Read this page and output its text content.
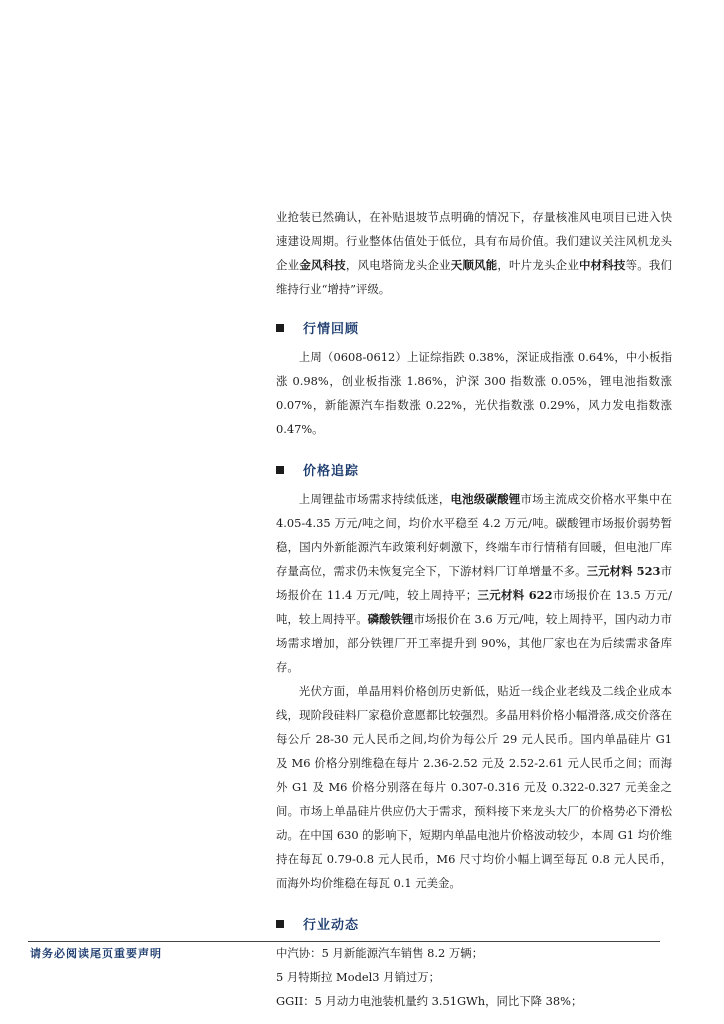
业抢装已然确认，在补贴退坡节点明确的情况下，存量核准风电项目已进入快速建设周期。行业整体估值处于低位，具有布局价值。我们建议关注风机龙头企业金风科技，风电塔筒龙头企业天顺风能，叶片龙头企业中材科技等。我们维持行业“增持”评级。

行情回顾

上周（0608-0612）上证综指跌 0.38%，深证成指涨 0.64%，中小板指涨 0.98%，创业板指涨 1.86%，沪深 300 指数涨 0.05%，锂电池指数涨 0.07%，新能源汽车指数涨 0.22%，光伏指数涨 0.29%，风力发电指数涨 0.47%。

价格追踪

上周锂盐市场需求持续低迷，电池级碳酸锂市场主流成交价格水平集中在 4.05-4.35 万元/吨之间，均价水平稳至 4.2 万元/吨。碳酸锂市场报价弱势暂稳，国内外新能源汽车政策利好刺激下，终端车市行情稍有回暖，但电池厂库存量高位，需求仍未恢复完全下，下游材料厂订单增量不多。三元材料 523市场报价在 11.4 万元/吨，较上周持平；三元材料 622市场报价在 13.5 万元/吨，较上周持平。磷酸铁锂市场报价在 3.6 万元/吨，较上周持平，国内动力市场需求增加，部分铁锂厂开工率提升到 90%，其他厂家也在为后续需求备库存。

光伏方面，单晶用料价格创历史新低，贴近一线企业老线及二线企业成本线，现阶段硅料厂家稳价意愿都比较强烈。多晶用料价格小幅滑落,成交价落在每公斤 28-30 元人民币之间,均价为每公斤 29 元人民币。国内单晶硅片 G1 及 M6 价格分别维稳在每片 2.36-2.52 元及 2.52-2.61 元人民币之间；而海外 G1 及 M6 价格分别落在每片 0.307-0.316 元及 0.322-0.327 元美金之间。市场上单晶硅片供应仍大于需求，预料接下来龙头大厂的价格势必下滑松动。在中国 630 的影响下，短期内单晶电池片价格波动较少，本周 G1 均价维持在每瓦 0.79-0.8 元人民币，M6 尺寸均价小幅上调至每瓦 0.8 元人民币，而海外均价维稳在每瓦 0.1 元美金。

行业动态

中汽协：5 月新能源汽车销售 8.2 万辆；

5 月特斯拉 Model3 月销过万；

GGII：5 月动力电池装机量约 3.51GWh，同比下降 38%；

请务必阅读尾页重要声明
